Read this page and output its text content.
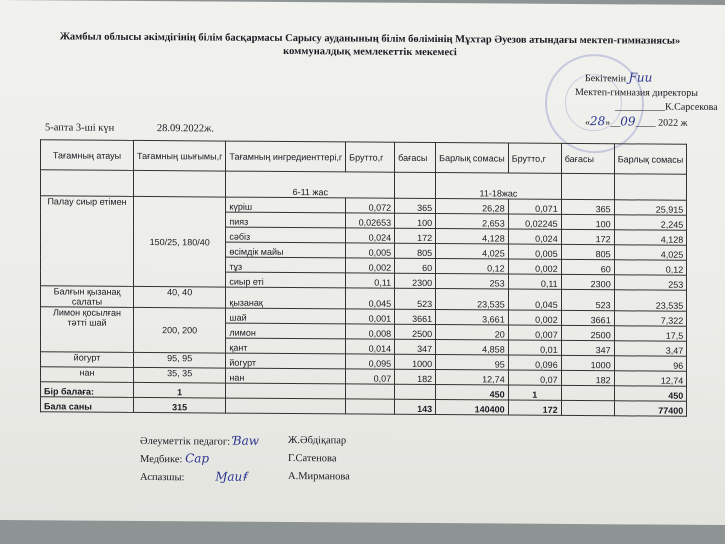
Жамбыл облысы әкімдігінің білім басқармасы Сарысу ауданының білім бөлімінің Мұхтар Әуезов атындағы мектеп-гимназиясы»
коммуналдық мемлекеттік мекемесі
Бекітемін Ƒuu
Мектеп-гимназия директоры
__________К.Сарсекова
«28»__09____ 2022 ж
5-апта 3-ші күн	28.09.2022ж.
Тағамның атауы	Тағамның шығымы,г	Тағамның ингредиенттері,г	Брутто,г	бағасы	Барлық сомасы	Брутто,г	бағасы	Барлық сомасы
		6-11 жас			11-18жас			
Палау сиыр етімен	150/25, 180/40	күріш	0,072	365	26,28	0,071	365	25,915
		пияз	0,02653	100	2,653	0,02245	100	2,245
		сәбіз	0,024	172	4,128	0,024	172	4,128
		өсімдік майы	0,005	805	4,025	0,005	805	4,025
		тұз	0,002	60	0,12	0,002	60	0,12
		сиыр еті	0,11	2300	253	0,11	2300	253
Балғын қызанақ салаты	40, 40	қызанақ	0,045	523	23,535	0,045	523	23,535
Лимон қосылған тәтті шай	200, 200	шай	0,001	3661	3,661	0,002	3661	7,322
		лимон	0,008	2500	20	0,007	2500	17,5
		қант	0,014	347	4,858	0,01	347	3,47
йогурт	95, 95	йогурт	0,095	1000	95	0,096	1000	96
нан	35, 35	нан	0,07	182	12,74	0,07	182	12,74
Бір балаға:	1				450	1		450
Бала саны	315			143	140400	172		77400
Әлеуметтік педагог: Ɓaw	Ж.Әбдіқапар
Медбике: Cap	Г.Сатенова
Аспазшы:	Ɱauꞙ	А.Мирманова
